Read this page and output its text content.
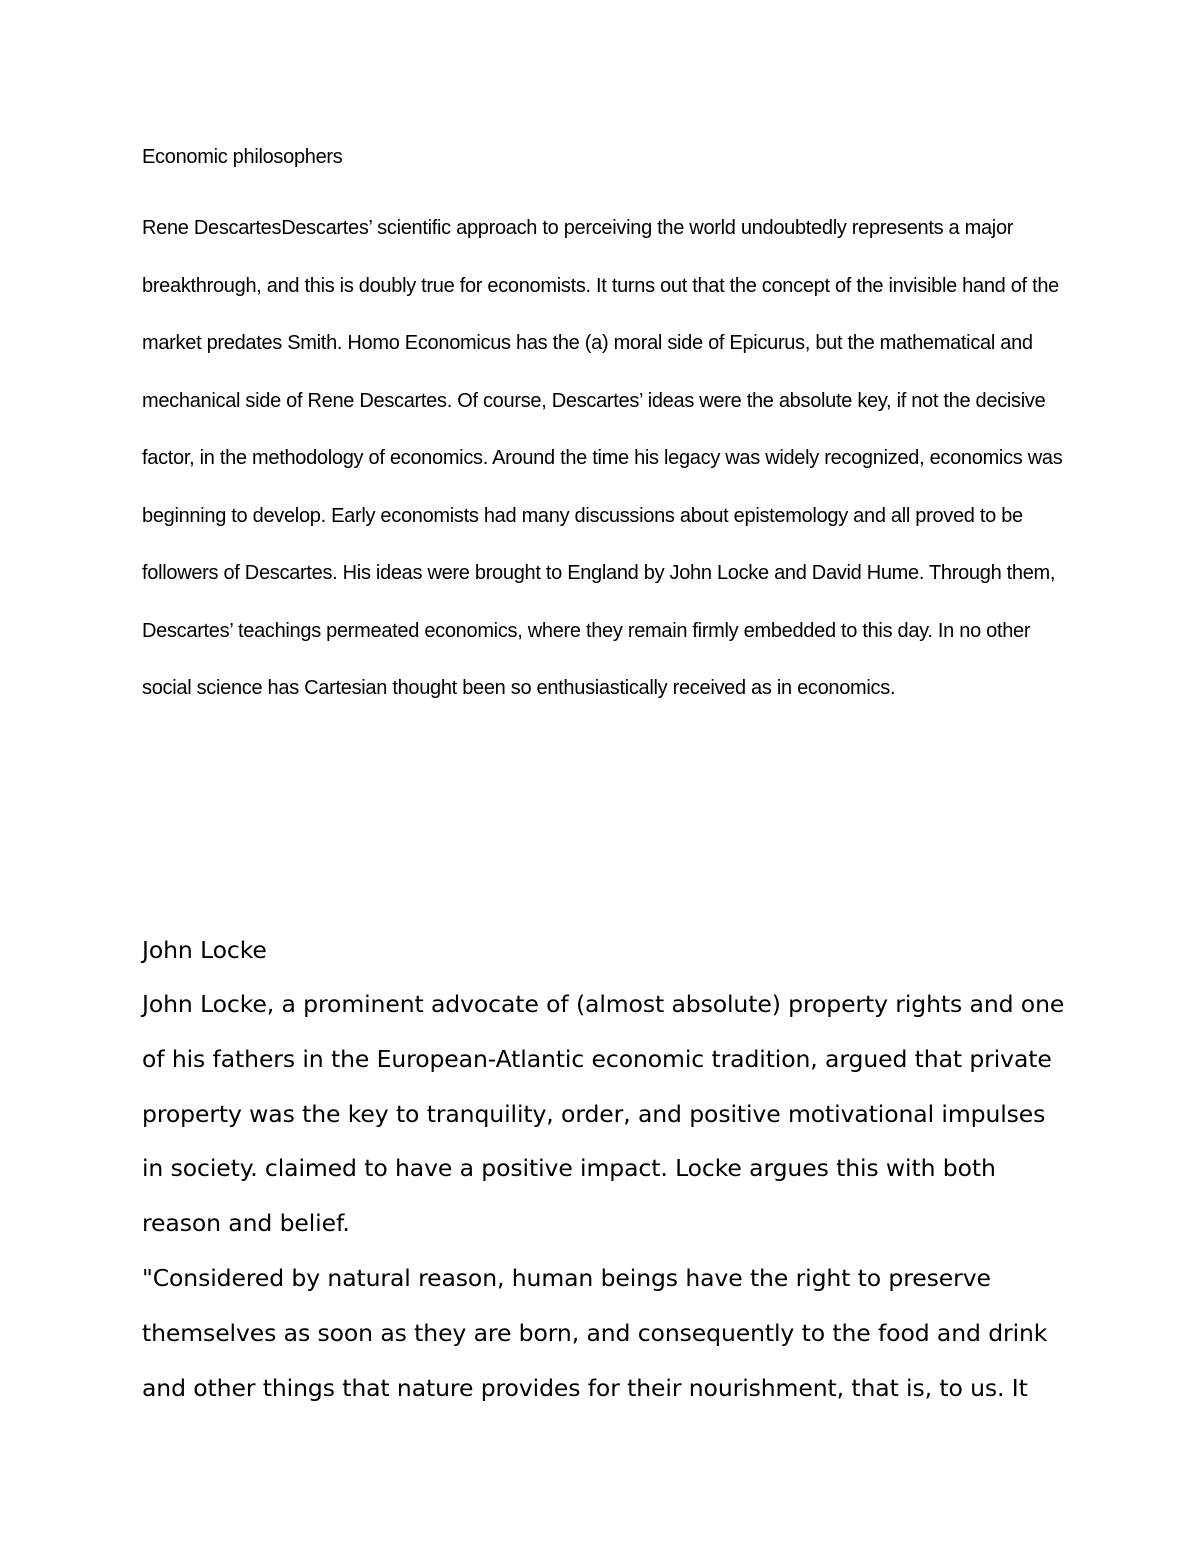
Economic philosophers

Rene DescartesDescartes’ scientific approach to perceiving the world undoubtedly represents a major breakthrough, and this is doubly true for economists. It turns out that the concept of the invisible hand of the market predates Smith. Homo Economicus has the (a) moral side of Epicurus, but the mathematical and mechanical side of Rene Descartes. Of course, Descartes’ ideas were the absolute key, if not the decisive factor, in the methodology of economics. Around the time his legacy was widely recognized, economics was beginning to develop. Early economists had many discussions about epistemology and all proved to be followers of Descartes. His ideas were brought to England by John Locke and David Hume. Through them, Descartes’ teachings permeated economics, where they remain firmly embedded to this day. In no other social science has Cartesian thought been so enthusiastically received as in economics.

John Locke

John Locke, a prominent advocate of (almost absolute) property rights and one of his fathers in the European-Atlantic economic tradition, argued that private property was the key to tranquility, order, and positive motivational impulses in society. claimed to have a positive impact. Locke argues this with both reason and belief.

"Considered by natural reason, human beings have the right to preserve themselves as soon as they are born, and consequently to the food and drink and other things that nature provides for their nourishment, that is, to us. It
